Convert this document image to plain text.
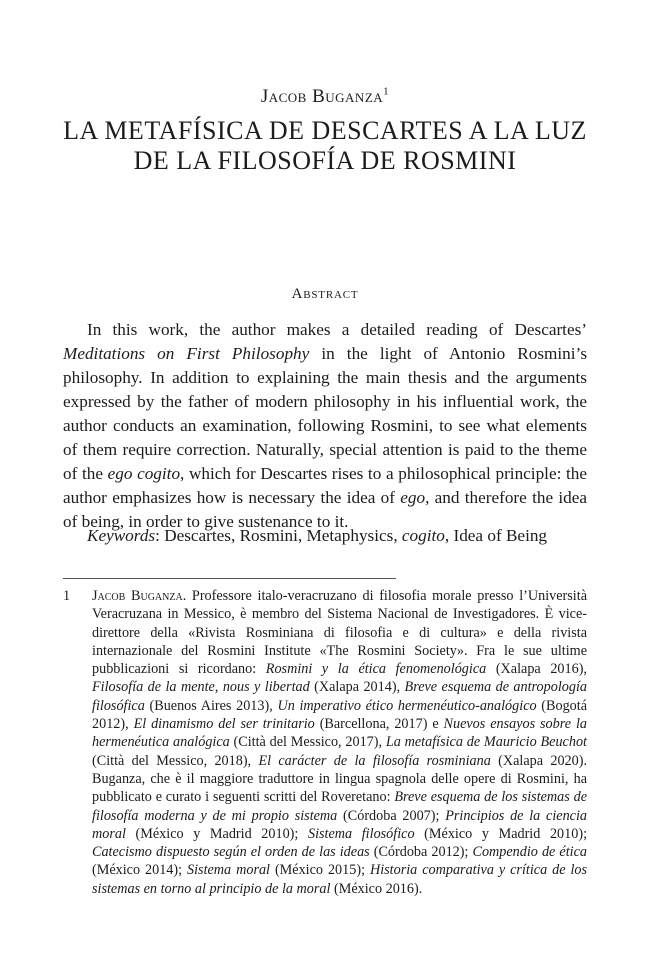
Jacob Buganza$^1$
LA METAFÍSICA DE DESCARTES A LA LUZ
DE LA FILOSOFÍA DE ROSMINI
Abstract

In this work, the author makes a detailed reading of Descartes’ Meditations on First Philosophy in the light of Antonio Rosmini’s philosophy. In addition to explaining the main thesis and the arguments expressed by the father of modern philosophy in his influential work, the author conducts an examination, following Rosmini, to see what elements of them require correction. Naturally, special attention is paid to the theme of the ego cogito, which for Descartes rises to a philosophical principle: the author emphasizes how is necessary the idea of ego, and therefore the idea of being, in order to give sustenance to it.

Keywords: Descartes, Rosmini, Metaphysics, cogito, Idea of Being

1 Jacob Buganza. Professore italo-veracruzano di filosofia morale presso l’Università Veracruzana in Messico, è membro del Sistema Nacional de Investigadores. È vice-direttore della «Rivista Rosminiana di filosofia e di cultura» e della rivista internazionale del Rosmini Institute «The Rosmini Society». Fra le sue ultime pubblicazioni si ricordano: Rosmini y la ética fenomenológica (Xalapa 2016), Filosofía de la mente, nous y libertad (Xalapa 2014), Breve esquema de antropología filosófica (Buenos Aires 2013), Un imperativo ético hermenéutico-analógico (Bogotá 2012), El dinamismo del ser trinitario (Barcellona, 2017) e Nuevos ensayos sobre la hermenéutica analógica (Città del Messico, 2017), La metafísica de Mauricio Beuchot (Città del Messico, 2018), El carácter de la filosofía rosminiana (Xalapa 2020). Buganza, che è il maggiore traduttore in lingua spagnola delle opere di Rosmini, ha pubblicato e curato i seguenti scritti del Roveretano: Breve esquema de los sistemas de filosofía moderna y de mi propio sistema (Córdoba 2007); Principios de la ciencia moral (México y Madrid 2010); Sistema filosófico (México y Madrid 2010); Catecismo dispuesto según el orden de las ideas (Córdoba 2012); Compendio de ética (México 2014); Sistema moral (México 2015); Historia comparativa y crítica de los sistemas en torno al principio de la moral (México 2016).
